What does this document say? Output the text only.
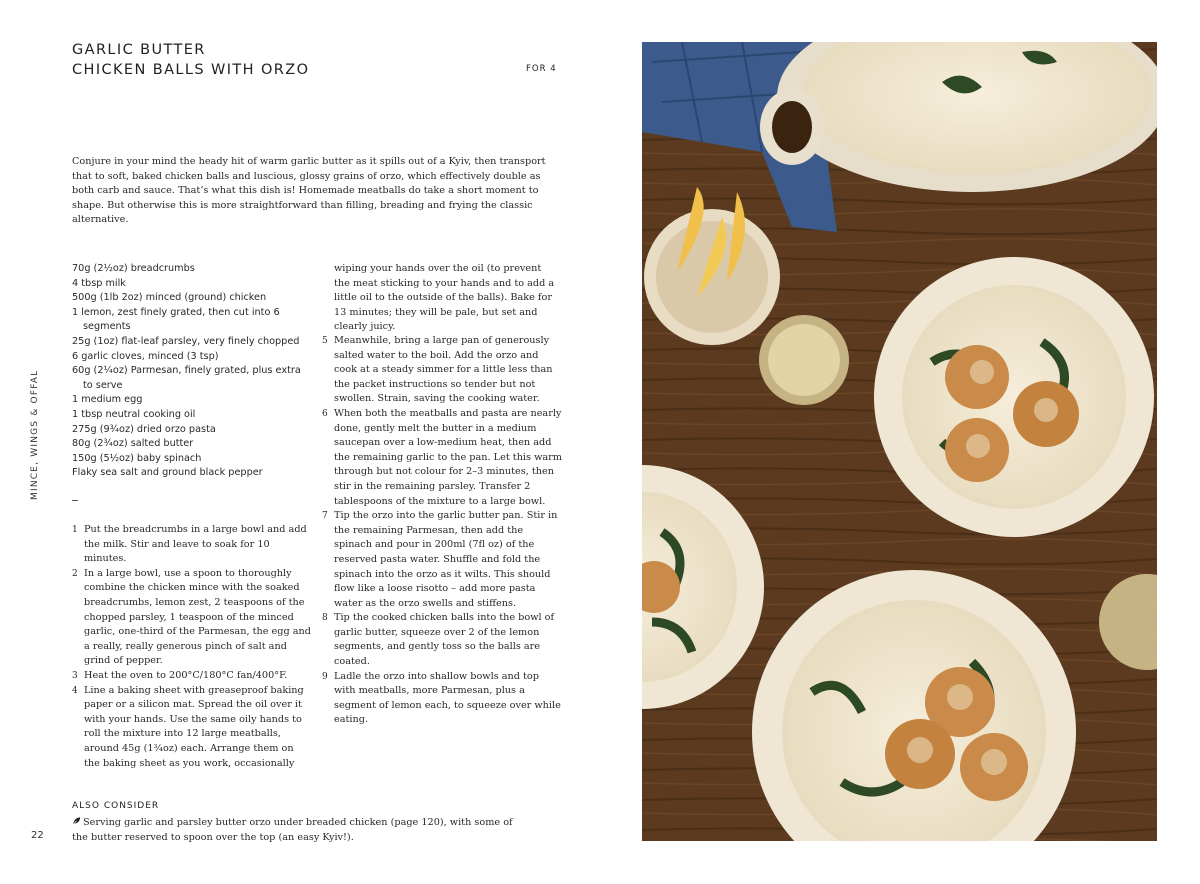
GARLIC BUTTER
CHICKEN BALLS WITH ORZO	FOR 4

Conjure in your mind the heady hit of warm garlic butter as it spills out of a Kyiv, then transport that to soft, baked chicken balls and luscious, glossy grains of orzo, which effectively double as both carb and sauce. That’s what this dish is! Homemade meatballs do take a short moment to shape. But otherwise this is more straightforward than filling, breading and frying the classic alternative.

70g (2½oz) breadcrumbs
4 tbsp milk
500g (1lb 2oz) minced (ground) chicken
1 lemon, zest finely grated, then cut into 6 segments
25g (1oz) flat-leaf parsley, very finely chopped
6 garlic cloves, minced (3 tsp)
60g (2¼oz) Parmesan, finely grated, plus extra to serve
1 medium egg
1 tbsp neutral cooking oil
275g (9¾oz) dried orzo pasta
80g (2¾oz) salted butter
150g (5½oz) baby spinach
Flaky sea salt and ground black pepper
1 Put the breadcrumbs in a large bowl and add the milk. Stir and leave to soak for 10 minutes.
2 In a large bowl, use a spoon to thoroughly combine the chicken mince with the soaked breadcrumbs, lemon zest, 2 teaspoons of the chopped parsley, 1 teaspoon of the minced garlic, one-third of the Parmesan, the egg and a really, really generous pinch of salt and grind of pepper.
3 Heat the oven to 200°C/180°C fan/400°F.
4 Line a baking sheet with greaseproof baking paper or a silicon mat. Spread the oil over it with your hands. Use the same oily hands to roll the mixture into 12 large meatballs, around 45g (1¾oz) each. Arrange them on the baking sheet as you work, occasionally

wiping your hands over the oil (to prevent the meat sticking to your hands and to add a little oil to the outside of the balls). Bake for 13 minutes; they will be pale, but set and clearly juicy.

5 Meanwhile, bring a large pan of generously salted water to the boil. Add the orzo and cook at a steady simmer for a little less than the packet instructions so tender but not swollen. Strain, saving the cooking water.
6 When both the meatballs and pasta are nearly done, gently melt the butter in a medium saucepan over a low-medium heat, then add the remaining garlic to the pan. Let this warm through but not colour for 2–3 minutes, then stir in the remaining parsley. Transfer 2 tablespoons of the mixture to a large bowl.
7 Tip the orzo into the garlic butter pan. Stir in the remaining Parmesan, then add the spinach and pour in 200ml (7fl oz) of the reserved pasta water. Shuffle and fold the spinach into the orzo as it wilts. This should flow like a loose risotto – add more pasta water as the orzo swells and stiffens.
8 Tip the cooked chicken balls into the bowl of garlic butter, squeeze over 2 of the lemon segments, and gently toss so the balls are coated.
9 Ladle the orzo into shallow bowls and top with meatballs, more Parmesan, plus a segment of lemon each, to squeeze over while eating.
ALSO CONSIDER

Serving garlic and parsley butter orzo under breaded chicken (page 120), with some of the butter reserved to spoon over the top (an easy Kyiv!).

22
MINCE, WINGS & OFFAL
